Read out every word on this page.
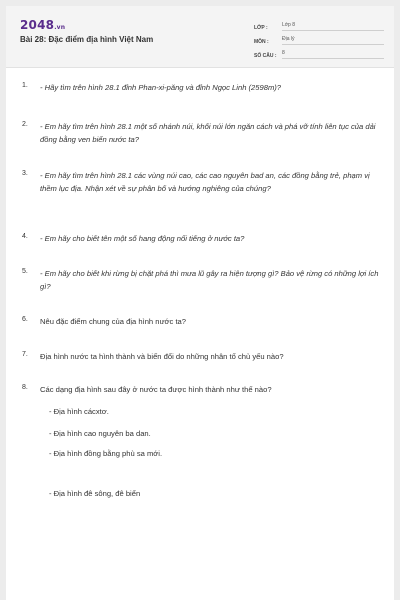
2048.vn
Bài 28: Đặc điểm địa hình Việt Nam
LỚP :	Lớp 8
MÔN :	Địa lý
SỐ CÂU :	8
1. - Hãy tìm trên hình 28.1 đỉnh Phan-xi-păng và đỉnh Ngọc Linh (2598m)?
2. - Em hãy tìm trên hình 28.1 một số nhánh núi, khối núi lớn ngăn cách và phá vỡ tính liên tục của dải đồng bằng ven biển nước ta?
3. - Em hãy tìm trên hình 28.1 các vùng núi cao, các cao nguyên bad an, các đồng bằng trẻ, phạm vị thềm lục địa. Nhận xét về sự phân bố và hướng nghiêng của chúng?
4. - Em hãy cho biết tên một số hang động nổi tiếng ở nước ta?
5. - Em hãy cho biết khi rừng bị chặt phá thì mưa lũ gây ra hiện tượng gì? Bảo vệ rừng có những lợi ích gì?
6. Nêu đặc điểm chung của địa hình nước ta?
7. Địa hình nước ta hình thành và biến đổi do những nhân tố chủ yếu nào?
8. Các dạng địa hình sau đây ở nước ta được hình thành như thế nào?
- Địa hình cácxtơ.
- Địa hình cao nguyên ba dan.
- Địa hình đồng bằng phù sa mới.
- Địa hình đê sông, đê biển
